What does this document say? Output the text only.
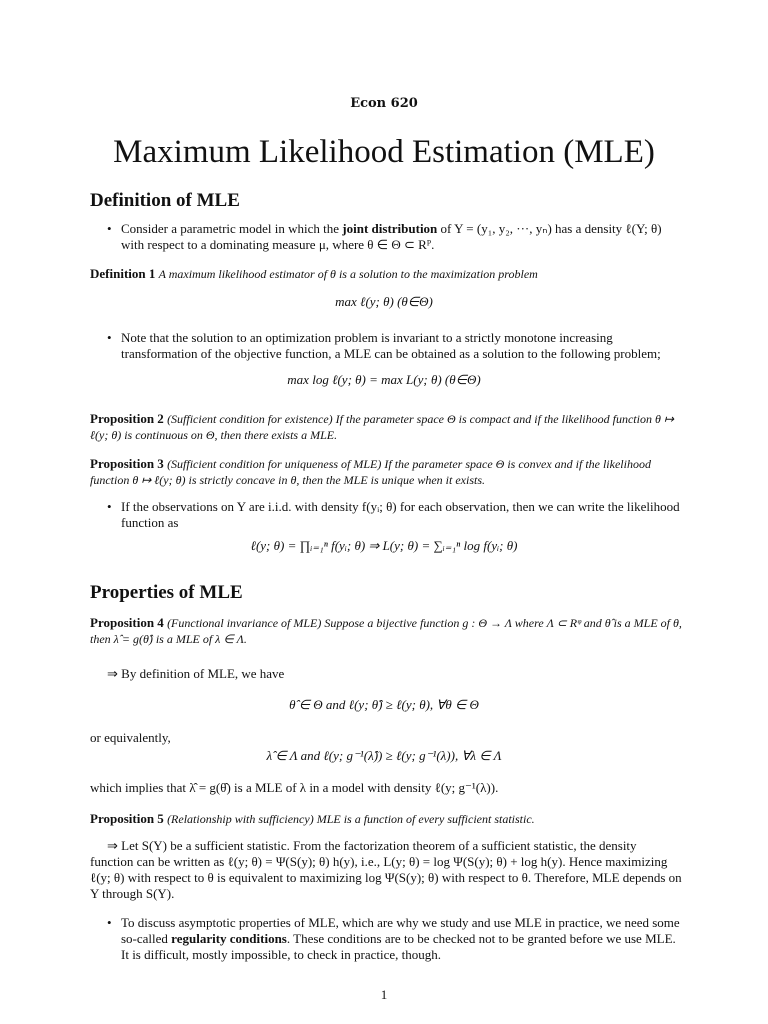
Econ 620
Maximum Likelihood Estimation (MLE)
Definition of MLE
• Consider a parametric model in which the joint distribution of Y = (y₁, y₂, ···, yₙ) has a density ℓ(Y; θ) with respect to a dominating measure μ, where θ ∈ Θ ⊂ Rᴾ.
Definition 1 A maximum likelihood estimator of θ is a solution to the maximization problem
max ℓ(y; θ) (θ∈Θ)
• Note that the solution to an optimization problem is invariant to a strictly monotone increasing transformation of the objective function, a MLE can be obtained as a solution to the following problem;
max log ℓ(y; θ) = max L(y; θ) (θ∈Θ)
Proposition 2 (Sufficient condition for existence) If the parameter space Θ is compact and if the likelihood function θ ↦ ℓ(y; θ) is continuous on Θ, then there exists a MLE.
Proposition 3 (Sufficient condition for uniqueness of MLE) If the parameter space Θ is convex and if the likelihood function θ ↦ ℓ(y; θ) is strictly concave in θ, then the MLE is unique when it exists.
• If the observations on Y are i.i.d. with density f(yᵢ; θ) for each observation, then we can write the likelihood function as
ℓ(y; θ) = ∏ᵢ₌₁ⁿ f(yᵢ; θ) ⇒ L(y; θ) = ∑ᵢ₌₁ⁿ log f(yᵢ; θ)
Properties of MLE
Proposition 4 (Functional invariance of MLE) Suppose a bijective function g : Θ → Λ where Λ ⊂ Rᵠ and θ̂ is a MLE of θ, then λ̂ = g(θ̂) is a MLE of λ ∈ Λ.
⇒ By definition of MLE, we have
θ̂ ∈ Θ and ℓ(y; θ̂) ≥ ℓ(y; θ), ∀θ ∈ Θ
or equivalently,
λ̂ ∈ Λ and ℓ(y; g⁻¹(λ̂)) ≥ ℓ(y; g⁻¹(λ)), ∀λ ∈ Λ
which implies that λ̂ = g(θ̂) is a MLE of λ in a model with density ℓ(y; g⁻¹(λ)).
Proposition 5 (Relationship with sufficiency) MLE is a function of every sufficient statistic.
⇒ Let S(Y) be a sufficient statistic. From the factorization theorem of a sufficient statistic, the density function can be written as ℓ(y; θ) = Ψ(S(y); θ) h(y), i.e., L(y; θ) = log Ψ(S(y); θ) + log h(y). Hence maximizing ℓ(y; θ) with respect to θ is equivalent to maximizing log Ψ(S(y); θ) with respect to θ. Therefore, MLE depends on Y through S(Y).
• To discuss asymptotic properties of MLE, which are why we study and use MLE in practice, we need some so-called regularity conditions. These conditions are to be checked not to be granted before we use MLE. It is difficult, mostly impossible, to check in practice, though.
1
